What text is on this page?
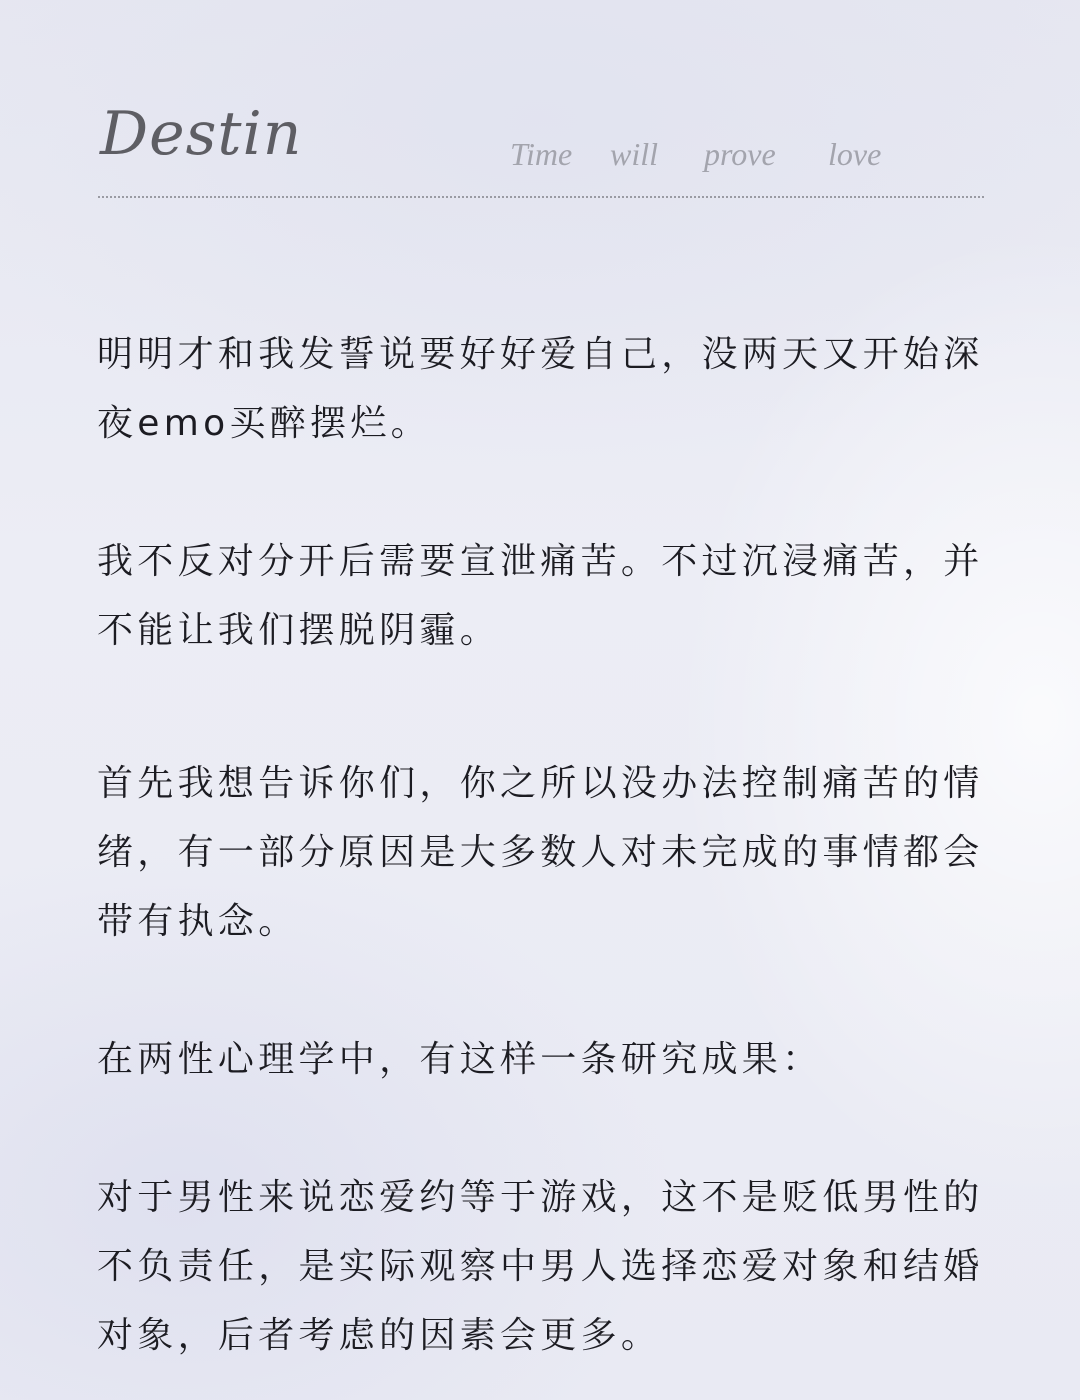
Destin	Time will prove love

明明才和我发誓说要好好爱自己，没两天又开始深夜emo买醉摆烂。

我不反对分开后需要宣泄痛苦。不过沉浸痛苦，并不能让我们摆脱阴霾。

首先我想告诉你们，你之所以没办法控制痛苦的情绪，有一部分原因是大多数人对未完成的事情都会带有执念。

在两性心理学中，有这样一条研究成果：

对于男性来说恋爱约等于游戏，这不是贬低男性的不负责任，是实际观察中男人选择恋爱对象和结婚对象，后者考虑的因素会更多。
